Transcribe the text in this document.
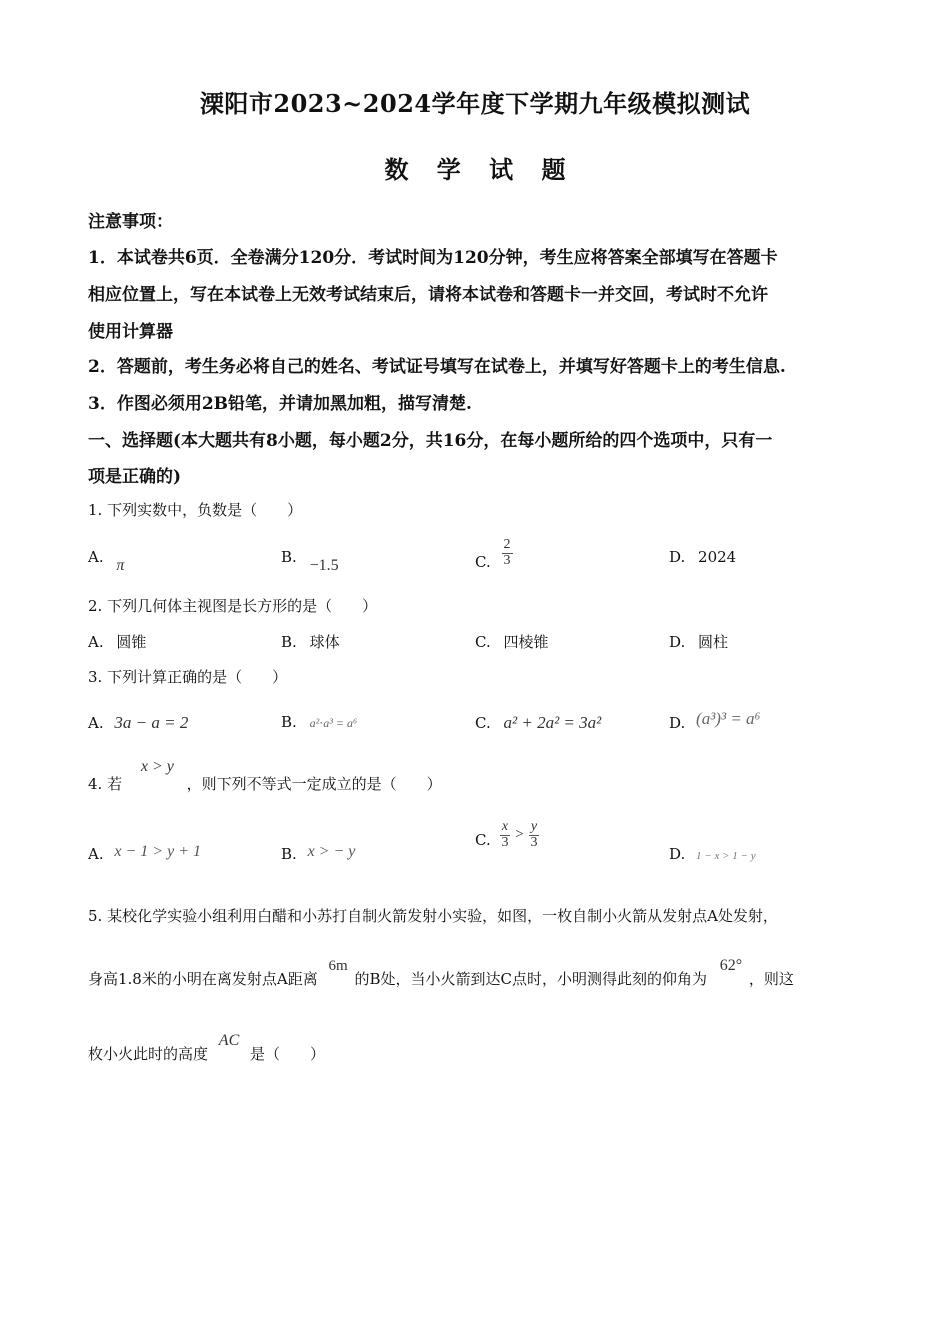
溧阳市2023~2024学年度下学期九年级模拟测试
数 学 试 题
注意事项：
1．本试卷共6页．全卷满分120分．考试时间为120分钟，考生应将答案全部填写在答题卡
相应位置上，写在本试卷上无效考试结束后，请将本试卷和答题卡一并交回，考试时不允许
使用计算器
2．答题前，考生务必将自己的姓名、考试证号填写在试卷上，并填写好答题卡上的考生信息.
3．作图必须用2B铅笔，并请加黑加粗，描写清楚.
一、选择题(本大题共有8小题，每小题2分，共16分，在每小题所给的四个选项中，只有一
项是正确的)
1. 下列实数中，负数是（　　）
A. π	B. −1.5	C. $\frac{2}{3}$	D. 2024
2. 下列几何体主视图是长方形的是（　　）
A. 圆锥	B. 球体	C. 四棱锥	D. 圆柱
3. 下列计算正确的是（　　）
A. 3a − a = 2	B. a²⋅a³ = a⁶	C. a² + 2a² = 3a²	D. (a³)³ = a⁶
4. 若 x > y ，则下列不等式一定成立的是（　　）
A. x − 1 > y + 1	B. x > − y
C. $\frac{x}{3} > \frac{y}{3}$
D. 1 − x > 1 − y
5. 某校化学实验小组利用白醋和小苏打自制火箭发射小实验，如图，一枚自制小火箭从发射点A处发射，
身高1.8米的小明在离发射点A距离 6m 的B处，当小火箭到达C点时，小明测得此刻的仰角为 62° ，则这
枚小火此时的高度 AC 是（　　）
